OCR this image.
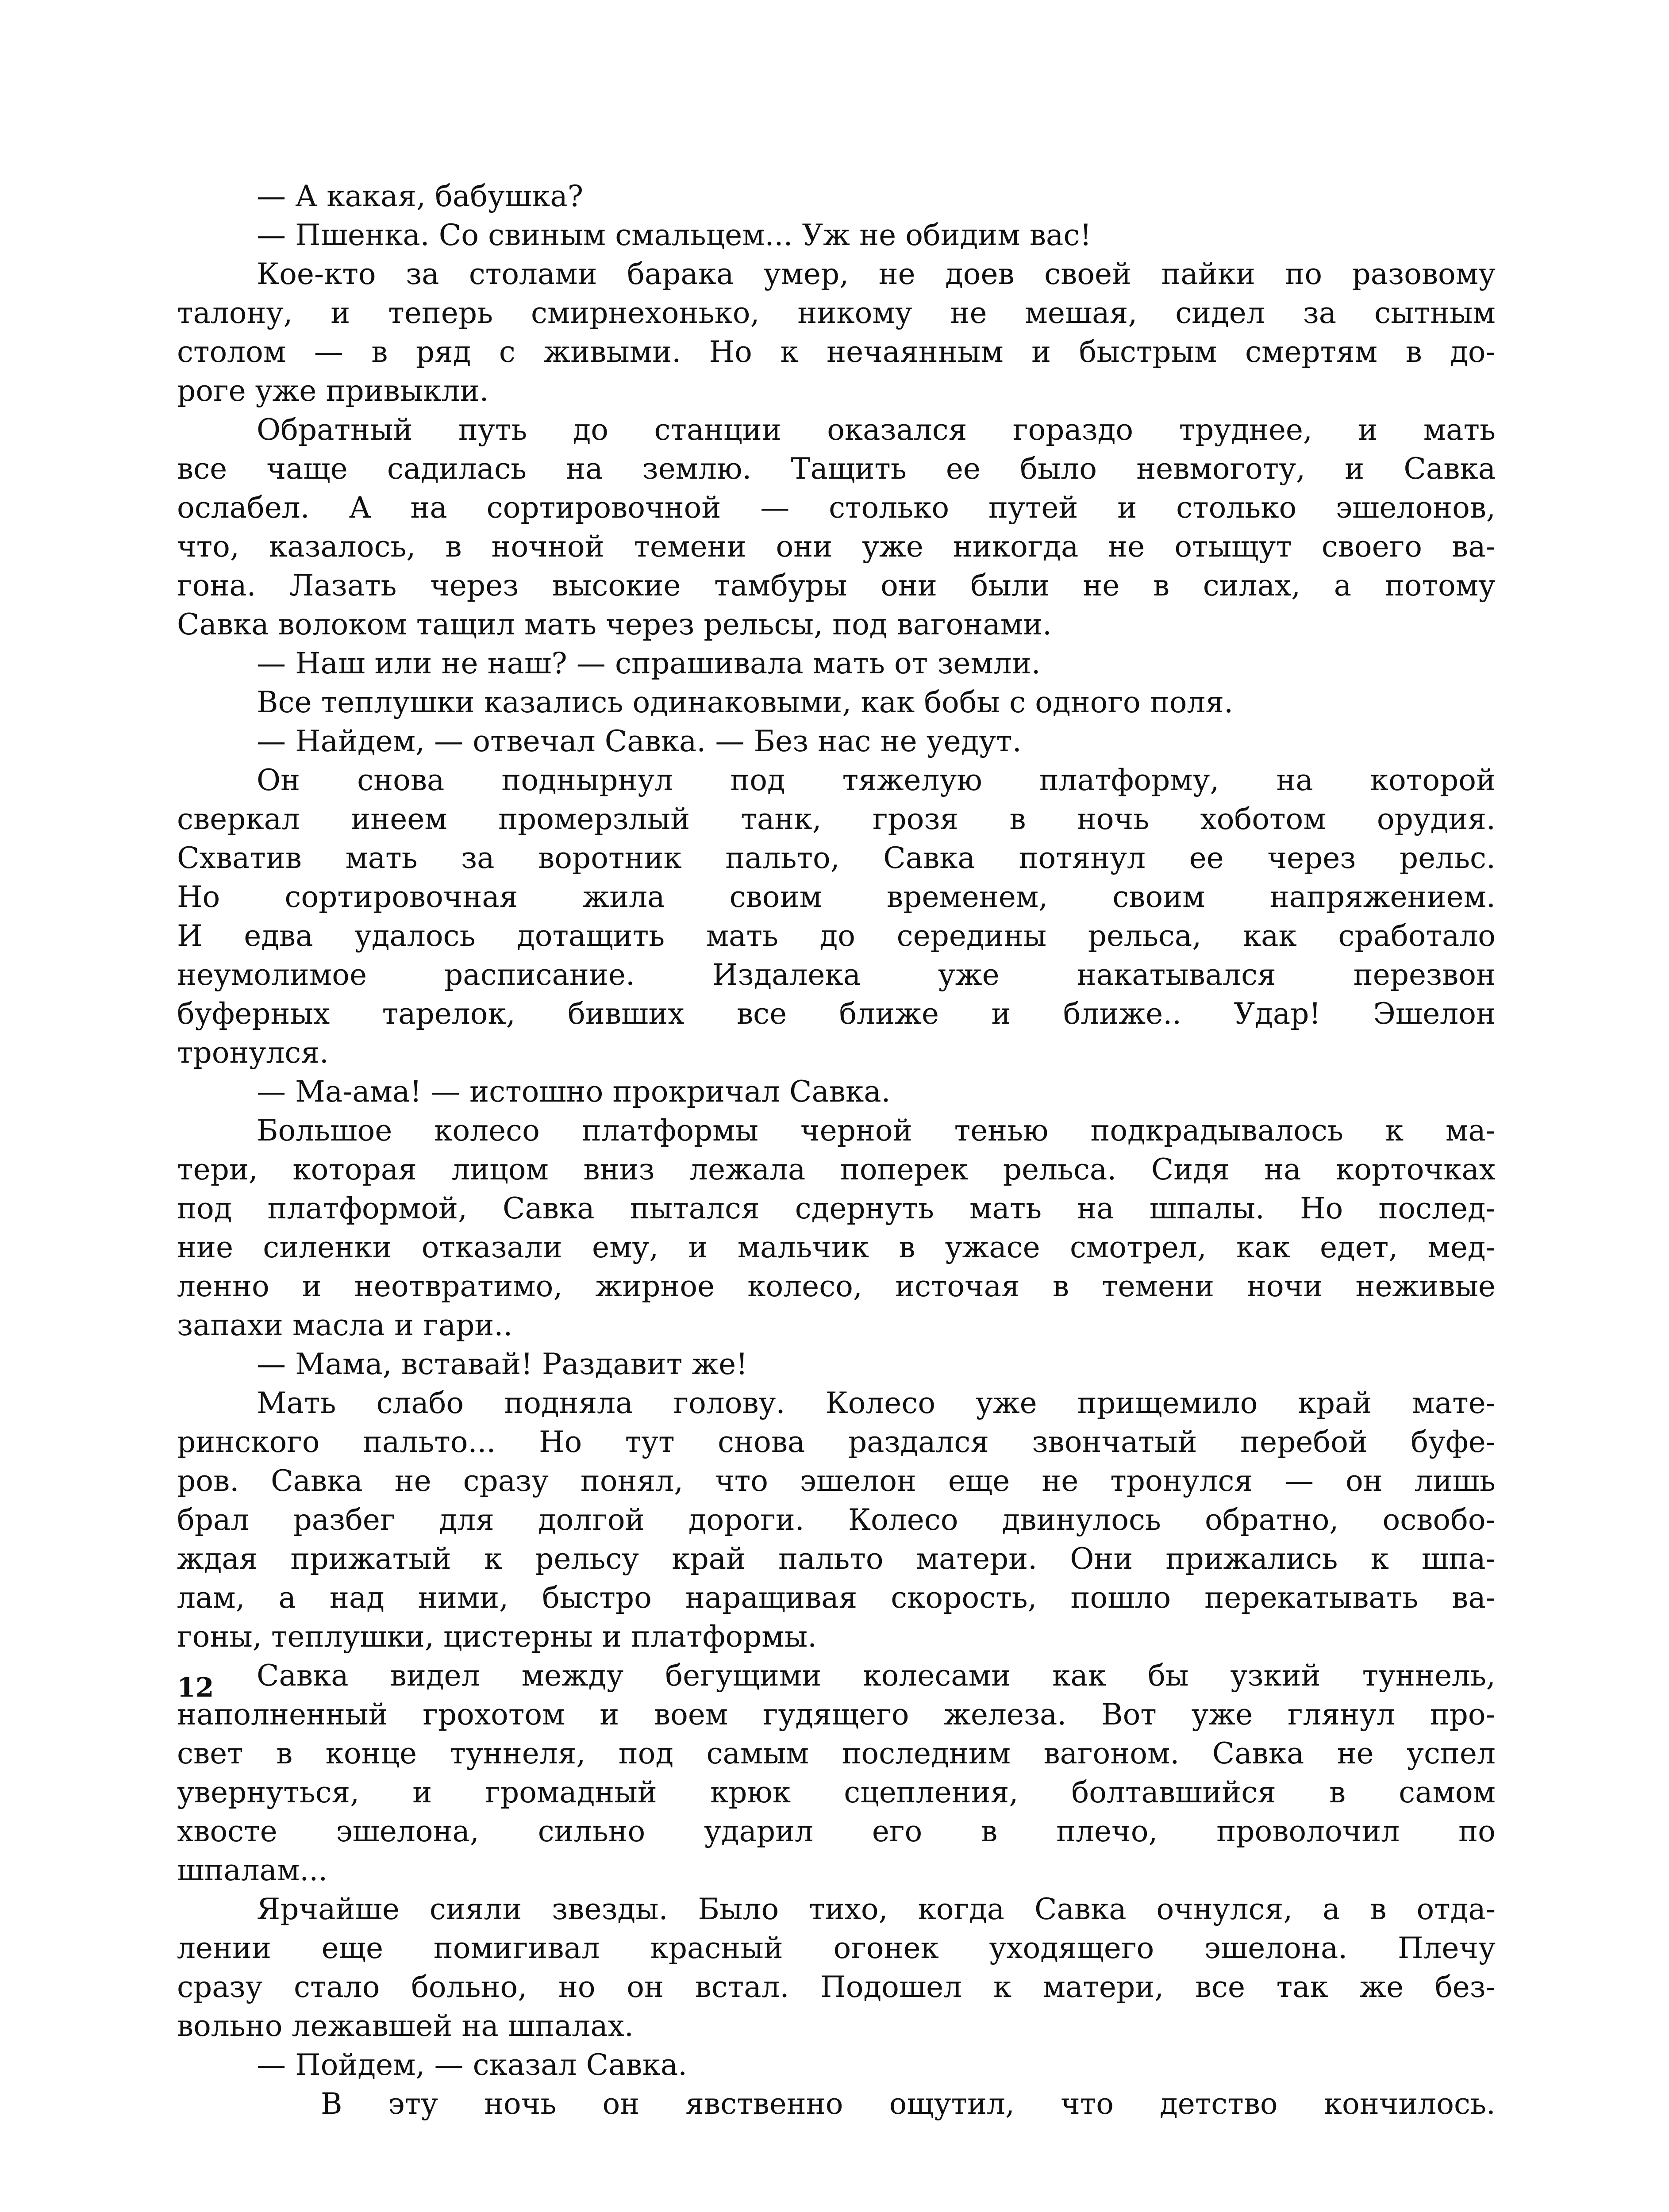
— А какая, бабушка?
— Пшенка. Со свиным смальцем... Уж не обидим вас!
Кое-кто за столами барака умер, не доев своей пайки по разовому
талону, и теперь смирнехонько, никому не мешая, сидел за сытным
столом — в ряд с живыми. Но к нечаянным и быстрым смертям в до-
роге уже привыкли.
Обратный путь до станции оказался гораздо труднее, и мать
все чаще садилась на землю. Тащить ее было невмоготу, и Савка
ослабел. А на сортировочной — столько путей и столько эшелонов,
что, казалось, в ночной темени они уже никогда не отыщут своего ва-
гона. Лазать через высокие тамбуры они были не в силах, а потому
Савка волоком тащил мать через рельсы, под вагонами.
— Наш или не наш? — спрашивала мать от земли.
Все теплушки казались одинаковыми, как бобы с одного поля.
— Найдем, — отвечал Савка. — Без нас не уедут.
Он снова поднырнул под тяжелую платформу, на которой
сверкал инеем промерзлый танк, грозя в ночь хоботом орудия.
Схватив мать за воротник пальто, Савка потянул ее через рельс.
Но сортировочная жила своим временем, своим напряжением.
И едва удалось дотащить мать до середины рельса, как сработало
неумолимое	расписание.	Издалека	уже	накатывался	перезвон
буферных тарелок, бивших все ближе и ближе.. Удар! Эшелон
тронулся.
— Ма-ама! — истошно прокричал Савка.
Большое колесо платформы черной тенью подкрадывалось к ма-
тери, которая лицом вниз лежала поперек рельса. Сидя на корточках
под платформой, Савка пытался сдернуть мать на шпалы. Но послед-
ние силенки отказали ему, и мальчик в ужасе смотрел, как едет, мед-
ленно и неотвратимо, жирное колесо, источая в темени ночи неживые
запахи масла и гари..
— Мама, вставай! Раздавит же!
Мать слабо подняла голову. Колесо уже прищемило край мате-
ринского пальто... Но тут снова раздался звончатый перебой буфе-
ров. Савка не сразу понял, что эшелон еще не тронулся — он лишь
брал разбег для долгой дороги. Колесо двинулось обратно, освобо-
ждая прижатый к рельсу край пальто матери. Они прижались к шпа-
лам, а над ними, быстро наращивая скорость, пошло перекатывать ва-
гоны, теплушки, цистерны и платформы.
Савка видел между бегущими колесами как бы узкий туннель,
наполненный грохотом и воем гудящего железа. Вот уже глянул про-
свет в конце туннеля, под самым последним вагоном. Савка не успел
увернуться, и громадный крюк сцепления, болтавшийся в самом
хвосте эшелона, сильно ударил его в плечо, проволочил по
шпалам...
Ярчайше сияли звезды. Было тихо, когда Савка очнулся, а в отда-
лении еще помигивал красный огонек уходящего эшелона. Плечу
сразу стало больно, но он встал. Подошел к матери, все так же без-
вольно лежавшей на шпалах.
— Пойдем, — сказал Савка.
В эту ночь он явственно ощутил, что детство кончилось.
12
